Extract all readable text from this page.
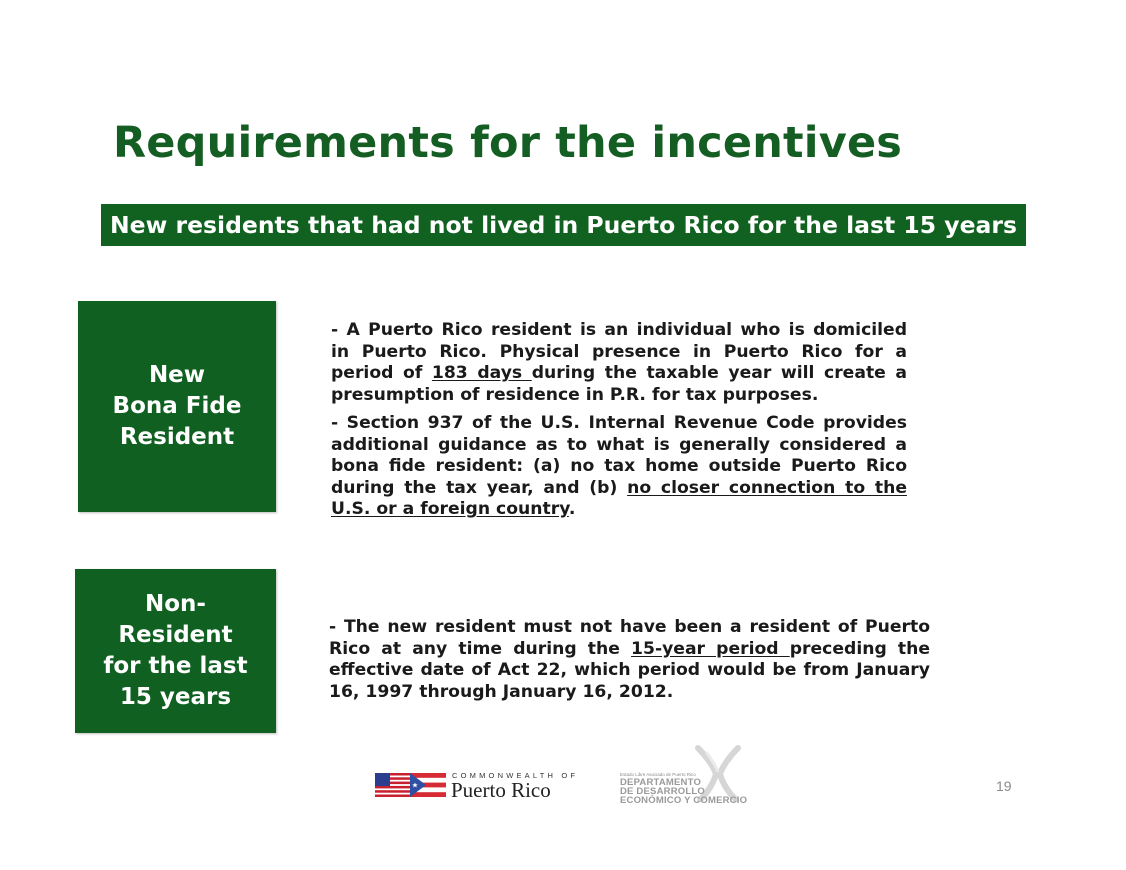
Requirements for the incentives
New residents that had not lived in Puerto Rico for the last 15 years
New
Bona Fide
Resident

- A Puerto Rico resident is an individual who is domiciled in Puerto Rico. Physical presence in Puerto Rico for a period of 183 days during the taxable year will create a presumption of residence in P.R. for tax purposes.

- Section 937 of the U.S. Internal Revenue Code provides additional guidance as to what is generally considered a bona fide resident: (a) no tax home outside Puerto Rico during the tax year, and (b) no closer connection to the U.S. or a foreign country.

Non-
Resident
for the last
15 years

- The new resident must not have been a resident of Puerto Rico at any time during the 15-year period preceding the effective date of Act 22, which period would be from January 16, 1997 through January 16, 2012.

COMMONWEALTH OF
Puerto Rico
Estado Libre Asociado de Puerto Rico
DEPARTAMENTO
DE DESARROLLO
ECONÓMICO Y COMERCIO
19
